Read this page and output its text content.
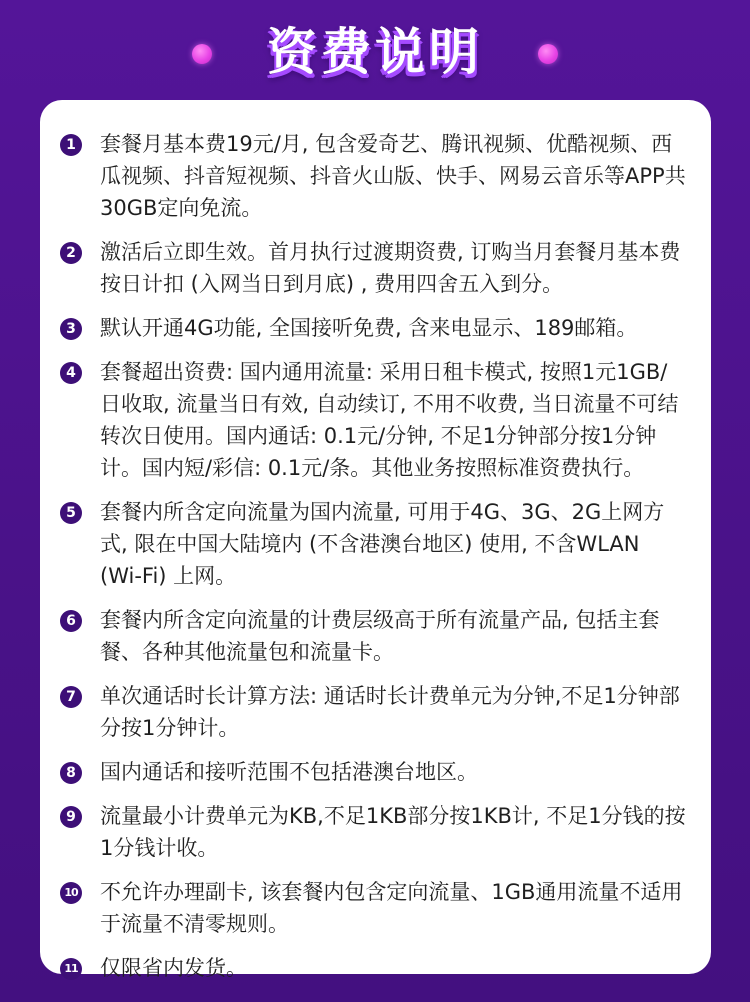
资费说明
1 套餐月基本费19元/月, 包含爱奇艺、腾讯视频、优酷视频、西瓜视频、抖音短视频、抖音火山版、快手、网易云音乐等APP共30GB定向免流。
2 激活后立即生效。首月执行过渡期资费, 订购当月套餐月基本费按日计扣 (入网当日到月底) , 费用四舍五入到分。
3 默认开通4G功能, 全国接听免费, 含来电显示、189邮箱。
4 套餐超出资费: 国内通用流量: 采用日租卡模式, 按照1元1GB/日收取, 流量当日有效, 自动续订, 不用不收费, 当日流量不可结转次日使用。国内通话: 0.1元/分钟, 不足1分钟部分按1分钟计。国内短/彩信: 0.1元/条。其他业务按照标准资费执行。
5 套餐内所含定向流量为国内流量, 可用于4G、3G、2G上网方式, 限在中国大陆境内 (不含港澳台地区) 使用, 不含WLAN (Wi-Fi) 上网。
6 套餐内所含定向流量的计费层级高于所有流量产品, 包括主套餐、各种其他流量包和流量卡。
7 单次通话时长计算方法: 通话时长计费单元为分钟,不足1分钟部分按1分钟计。
8 国内通话和接听范围不包括港澳台地区。
9 流量最小计费单元为KB,不足1KB部分按1KB计, 不足1分钱的按1分钱计收。
10 不允许办理副卡, 该套餐内包含定向流量、1GB通用流量不适用于流量不清零规则。
11 仅限省内发货。
